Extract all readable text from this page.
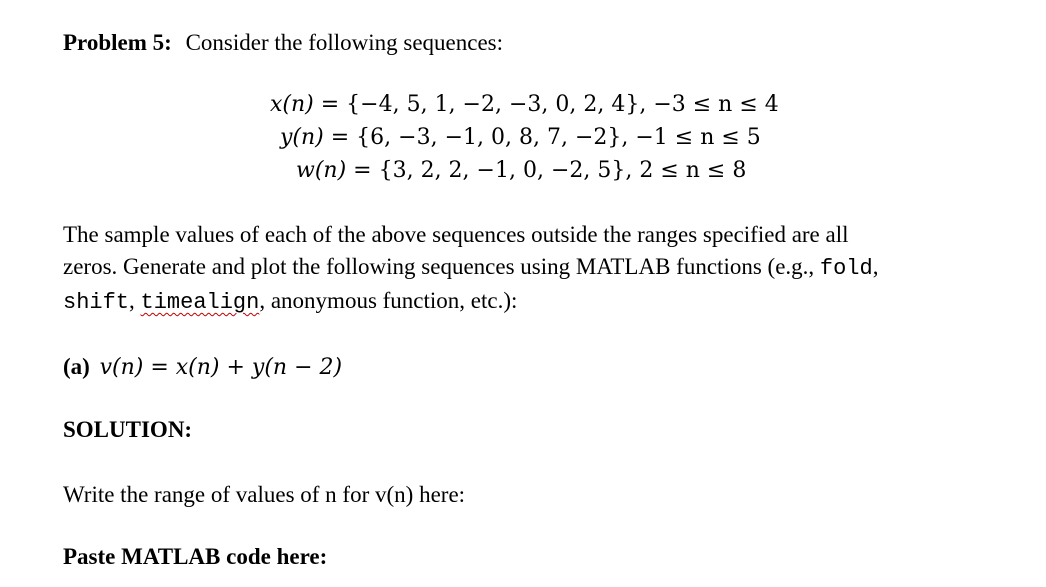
Problem 5: Consider the following sequences:
x(n) = {−4, 5, 1, −2, −3, 0, 2, 4}, −3 ≤ n ≤ 4
y(n) = {6, −3, −1, 0, 8, 7, −2}, −1 ≤ n ≤ 5
w(n) = {3, 2, 2, −1, 0, −2, 5}, 2 ≤ n ≤ 8
The sample values of each of the above sequences outside the ranges specified are all
zeros. Generate and plot the following sequences using MATLAB functions (e.g., fold,
shift, timealign, anonymous function, etc.):
(a) v(n) = x(n) + y(n − 2)
SOLUTION:
Write the range of values of n for v(n) here:
Paste MATLAB code here:
